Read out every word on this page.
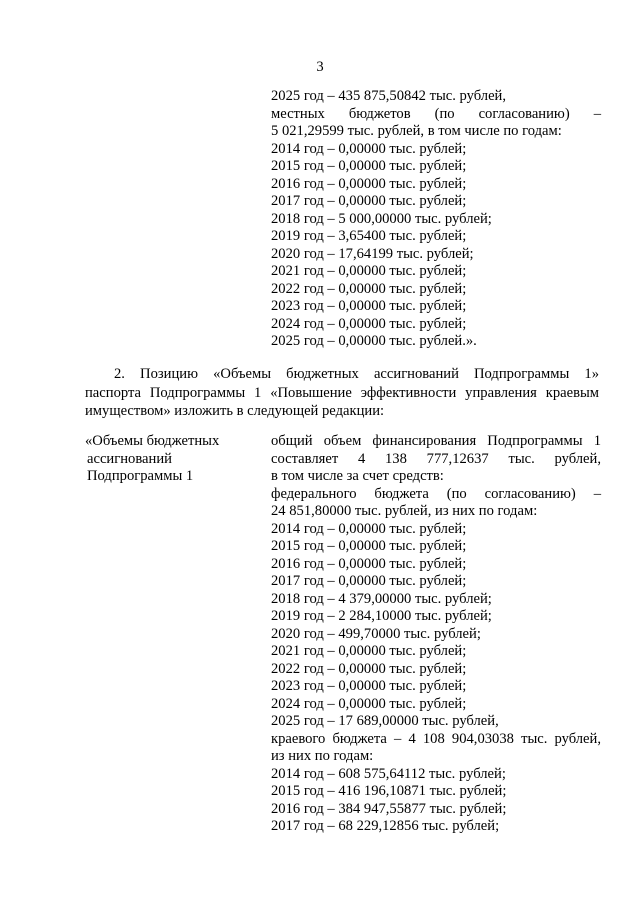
3
2025 год – 435 875,50842 тыс. рублей,
местных бюджетов (по согласованию) –
5 021,29599 тыс. рублей, в том числе по годам:
2014 год – 0,00000 тыс. рублей;
2015 год – 0,00000 тыс. рублей;
2016 год – 0,00000 тыс. рублей;
2017 год – 0,00000 тыс. рублей;
2018 год – 5 000,00000 тыс. рублей;
2019 год – 3,65400 тыс. рублей;
2020 год – 17,64199 тыс. рублей;
2021 год – 0,00000 тыс. рублей;
2022 год – 0,00000 тыс. рублей;
2023 год – 0,00000 тыс. рублей;
2024 год – 0,00000 тыс. рублей;
2025 год – 0,00000 тыс. рублей.».
2. Позицию «Объемы бюджетных ассигнований Подпрограммы 1»
паспорта Подпрограммы 1 «Повышение эффективности управления краевым
имуществом» изложить в следующей редакции:
«Объемы бюджетных
ассигнований
Подпрограммы 1
общий объем финансирования Подпрограммы 1
составляет 4 138 777,12637 тыс. рублей,
в том числе за счет средств:
федерального бюджета (по согласованию) –
24 851,80000 тыс. рублей, из них по годам:
2014 год – 0,00000 тыс. рублей;
2015 год – 0,00000 тыс. рублей;
2016 год – 0,00000 тыс. рублей;
2017 год – 0,00000 тыс. рублей;
2018 год – 4 379,00000 тыс. рублей;
2019 год – 2 284,10000 тыс. рублей;
2020 год – 499,70000 тыс. рублей;
2021 год – 0,00000 тыс. рублей;
2022 год – 0,00000 тыс. рублей;
2023 год – 0,00000 тыс. рублей;
2024 год – 0,00000 тыс. рублей;
2025 год – 17 689,00000 тыс. рублей,
краевого бюджета – 4 108 904,03038 тыс. рублей,
из них по годам:
2014 год – 608 575,64112 тыс. рублей;
2015 год – 416 196,10871 тыс. рублей;
2016 год – 384 947,55877 тыс. рублей;
2017 год – 68 229,12856 тыс. рублей;
